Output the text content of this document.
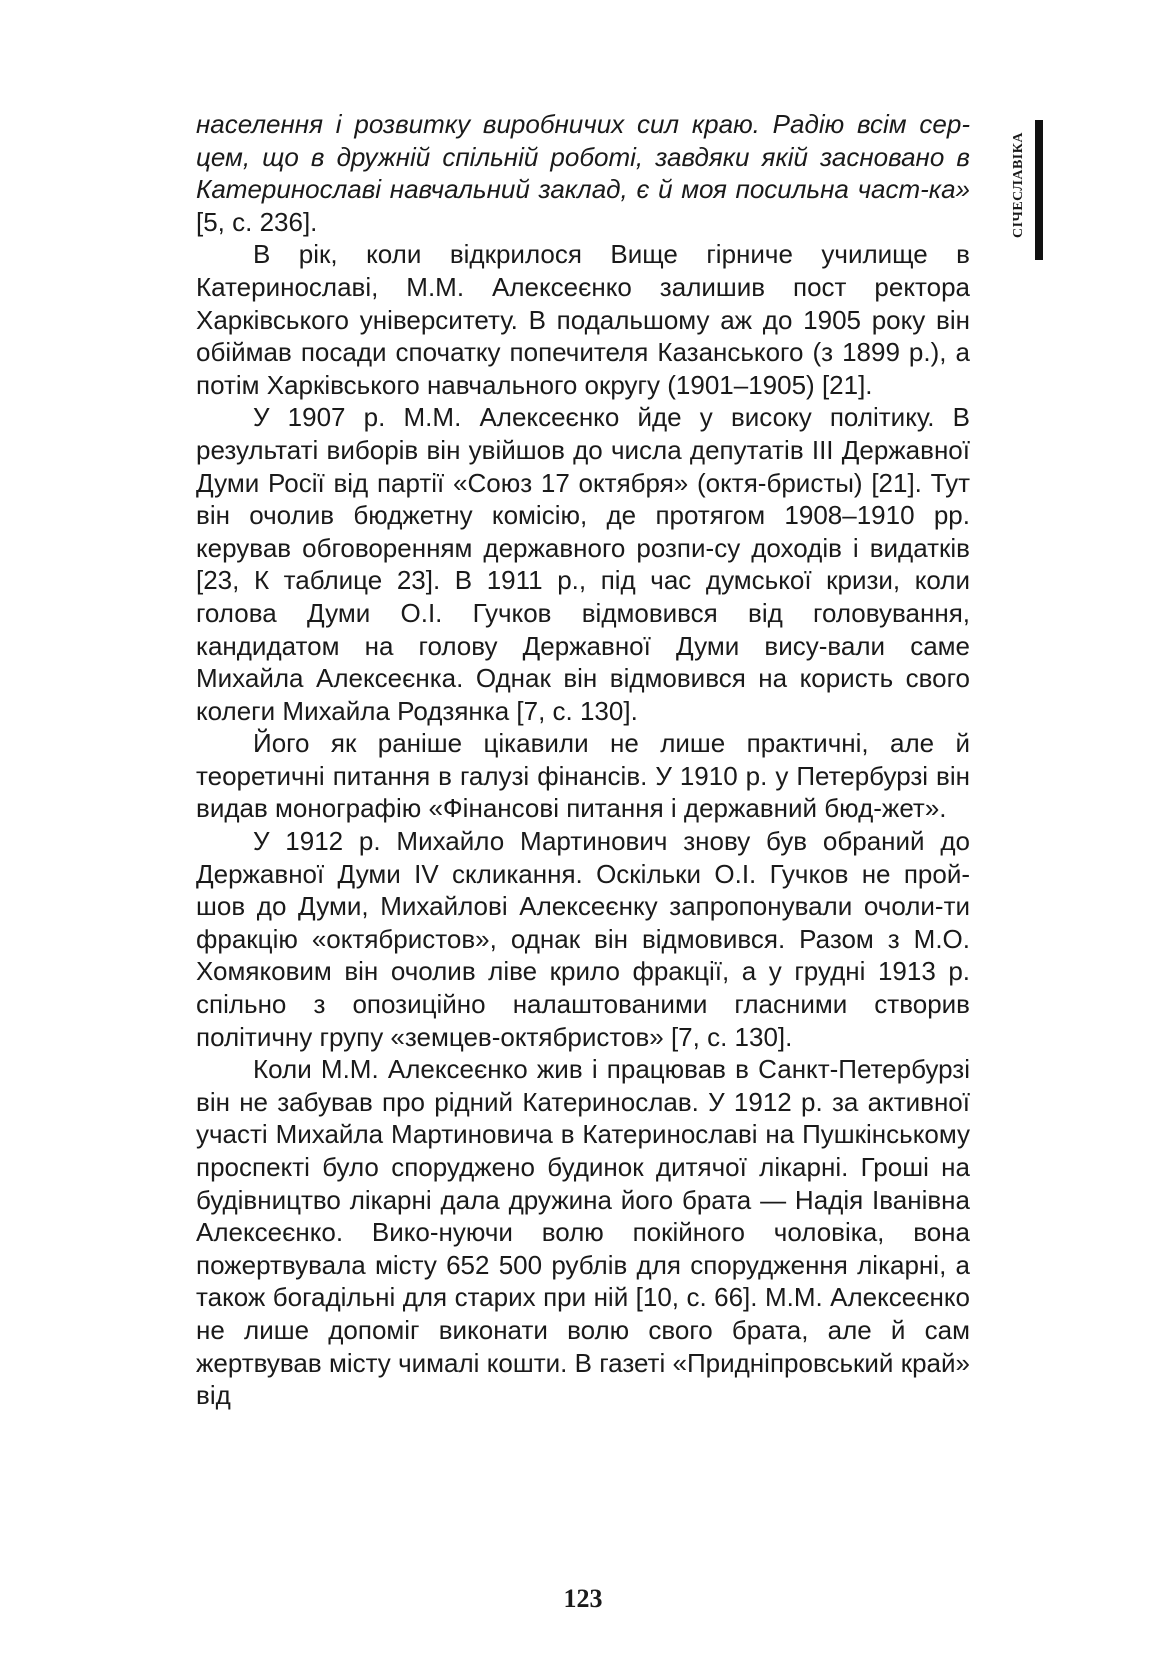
СІЧЕСЛАВІКА

населення і розвитку виробничих сил краю. Радію всім сер-цем, що в дружній спільній роботі, завдяки якій засновано в Катеринославі навчальний заклад, є й моя посильна част-ка» [5, с. 236].

В рік, коли відкрилося Вище гірниче училище в Катеринославі, М.М. Алексеєнко залишив пост ректора Харківського університету. В подальшому аж до 1905 року він обіймав посади спочатку попечителя Казанського (з 1899 р.), а потім Харківського навчального округу (1901–1905) [21].

У 1907 р. М.М. Алексеєнко йде у високу політику. В результаті виборів він увійшов до числа депутатів ІІІ Державної Думи Росії від партії «Союз 17 октября» (октя-бристы) [21]. Тут він очолив бюджетну комісію, де протягом 1908–1910 рр. керував обговоренням державного розпи-су доходів і видатків [23, К таблице 23]. В 1911 р., під час думської кризи, коли голова Думи О.І. Гучков відмовився від головування, кандидатом на голову Державної Думи вису-вали саме Михайла Алексеєнка. Однак він відмовився на користь свого колеги Михайла Родзянка [7, с. 130].

Його як раніше цікавили не лише практичні, але й теоретичні питання в галузі фінансів. У 1910 р. у Петербурзі він видав монографію «Фінансові питання і державний бюд-жет».

У 1912 р. Михайло Мартинович знову був обраний до Державної Думи IV скликання. Оскільки О.І. Гучков не прой-шов до Думи, Михайлові Алексеєнку запропонували очоли-ти фракцію «октябристов», однак він відмовився. Разом з М.О. Хомяковим він очолив ліве крило фракції, а у грудні 1913 р. спільно з опозиційно налаштованими гласними створив політичну групу «земцев-октябристов» [7, с. 130].

Коли М.М. Алексеєнко жив і працював в Санкт-Петербурзі він не забував про рідний Катеринослав. У 1912 р. за активної участі Михайла Мартиновича в Катеринославі на Пушкінському проспекті було споруджено будинок дитячої лікарні. Гроші на будівництво лікарні дала дружина його брата — Надія Іванівна Алексеєнко. Вико-нуючи волю покійного чоловіка, вона пожертвувала місту 652 500 рублів для спорудження лікарні, а також богадільні для старих при ній [10, с. 66]. М.М. Алексеєнко не лише допоміг виконати волю свого брата, але й сам жертвував місту чималі кошти. В газеті «Придніпровський край» від

123
